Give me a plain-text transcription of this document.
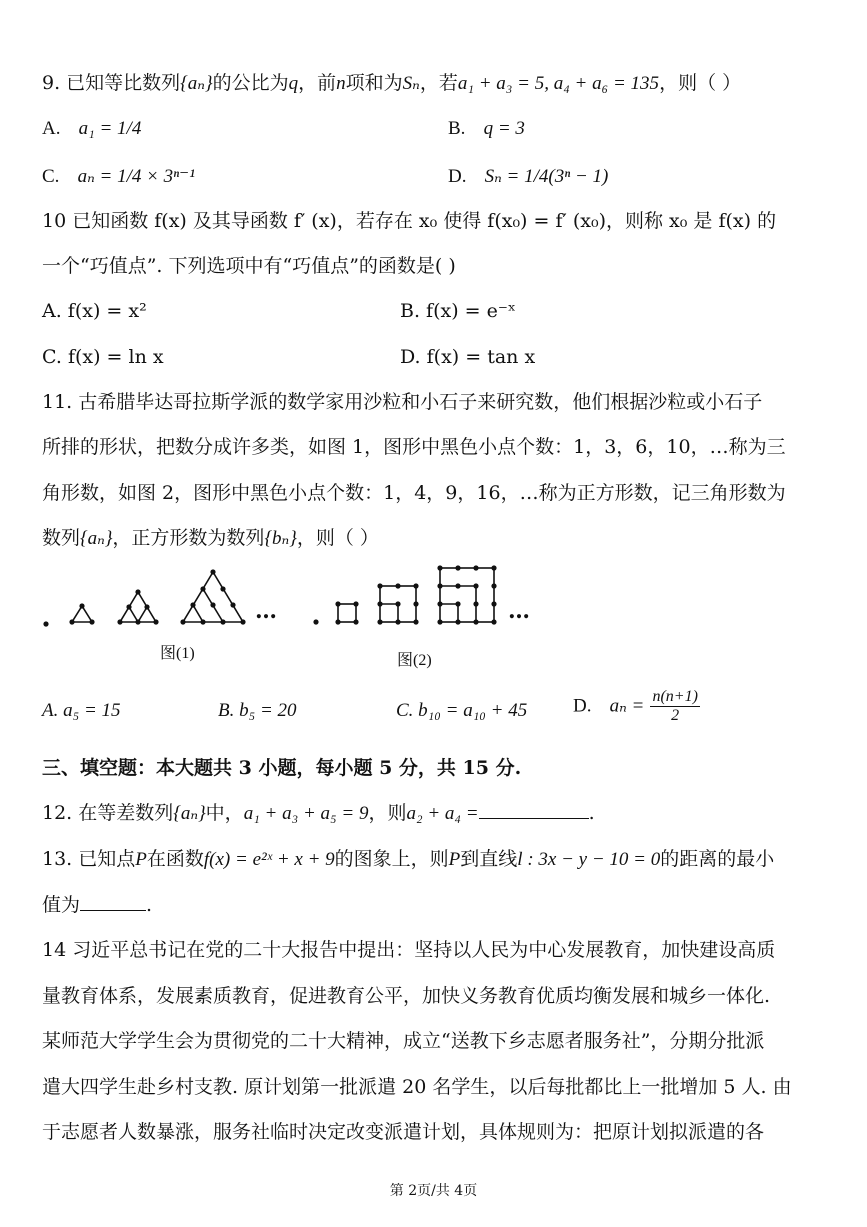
9. 已知等比数列{aₙ}的公比为q，前n项和为Sₙ，若a₁ + a₃ = 5, a₄ + a₆ = 135，则（ ）
A. a₁ = 1/4	B. q = 3
C. aₙ = 1/4 × 3ⁿ⁻¹	D. Sₙ = 1/4(3ⁿ − 1)
10 已知函数 f(x) 及其导函数 f′ (x)，若存在 x₀ 使得 f(x₀) = f′ (x₀)，则称 x₀ 是 f(x) 的
一个“巧值点”. 下列选项中有“巧值点”的函数是( )
A. f(x) = x²	B. f(x) = e⁻ˣ
C. f(x) = ln x	D. f(x) = tan x
11. 古希腊毕达哥拉斯学派的数学家用沙粒和小石子来研究数，他们根据沙粒或小石子
所排的形状，把数分成许多类，如图 1，图形中黑色小点个数：1，3，6，10，…称为三
角形数，如图 2，图形中黑色小点个数：1，4，9，16，…称为正方形数，记三角形数为
数列{aₙ}，正方形数为数列{bₙ}，则（ ）
…	…
图(1)	图(2)
A. a₅ = 15	B. b₅ = 20	C. b₁₀ = a₁₀ + 45 D. $a_n = \frac{n(n+1)}{2}$
三、填空题：本大题共 3 小题，每小题 5 分，共 15 分.
12. 在等差数列{aₙ}中，a₁ + a₃ + a₅ = 9，则a₂ + a₄ =	.
13. 已知点P在函数f(x) = e²ˣ + x + 9的图象上，则P到直线l : 3x − y − 10 = 0的距离的最小
值为	.
14 习近平总书记在党的二十大报告中提出：坚持以人民为中心发展教育，加快建设高质
量教育体系，发展素质教育，促进教育公平，加快义务教育优质均衡发展和城乡一体化.
某师范大学学生会为贯彻党的二十大精神，成立“送教下乡志愿者服务社”，分期分批派
遣大四学生赴乡村支教. 原计划第一批派遣 20 名学生，以后每批都比上一批增加 5 人. 由
于志愿者人数暴涨，服务社临时决定改变派遣计划，具体规则为：把原计划拟派遣的各
第 2页/共 4页
